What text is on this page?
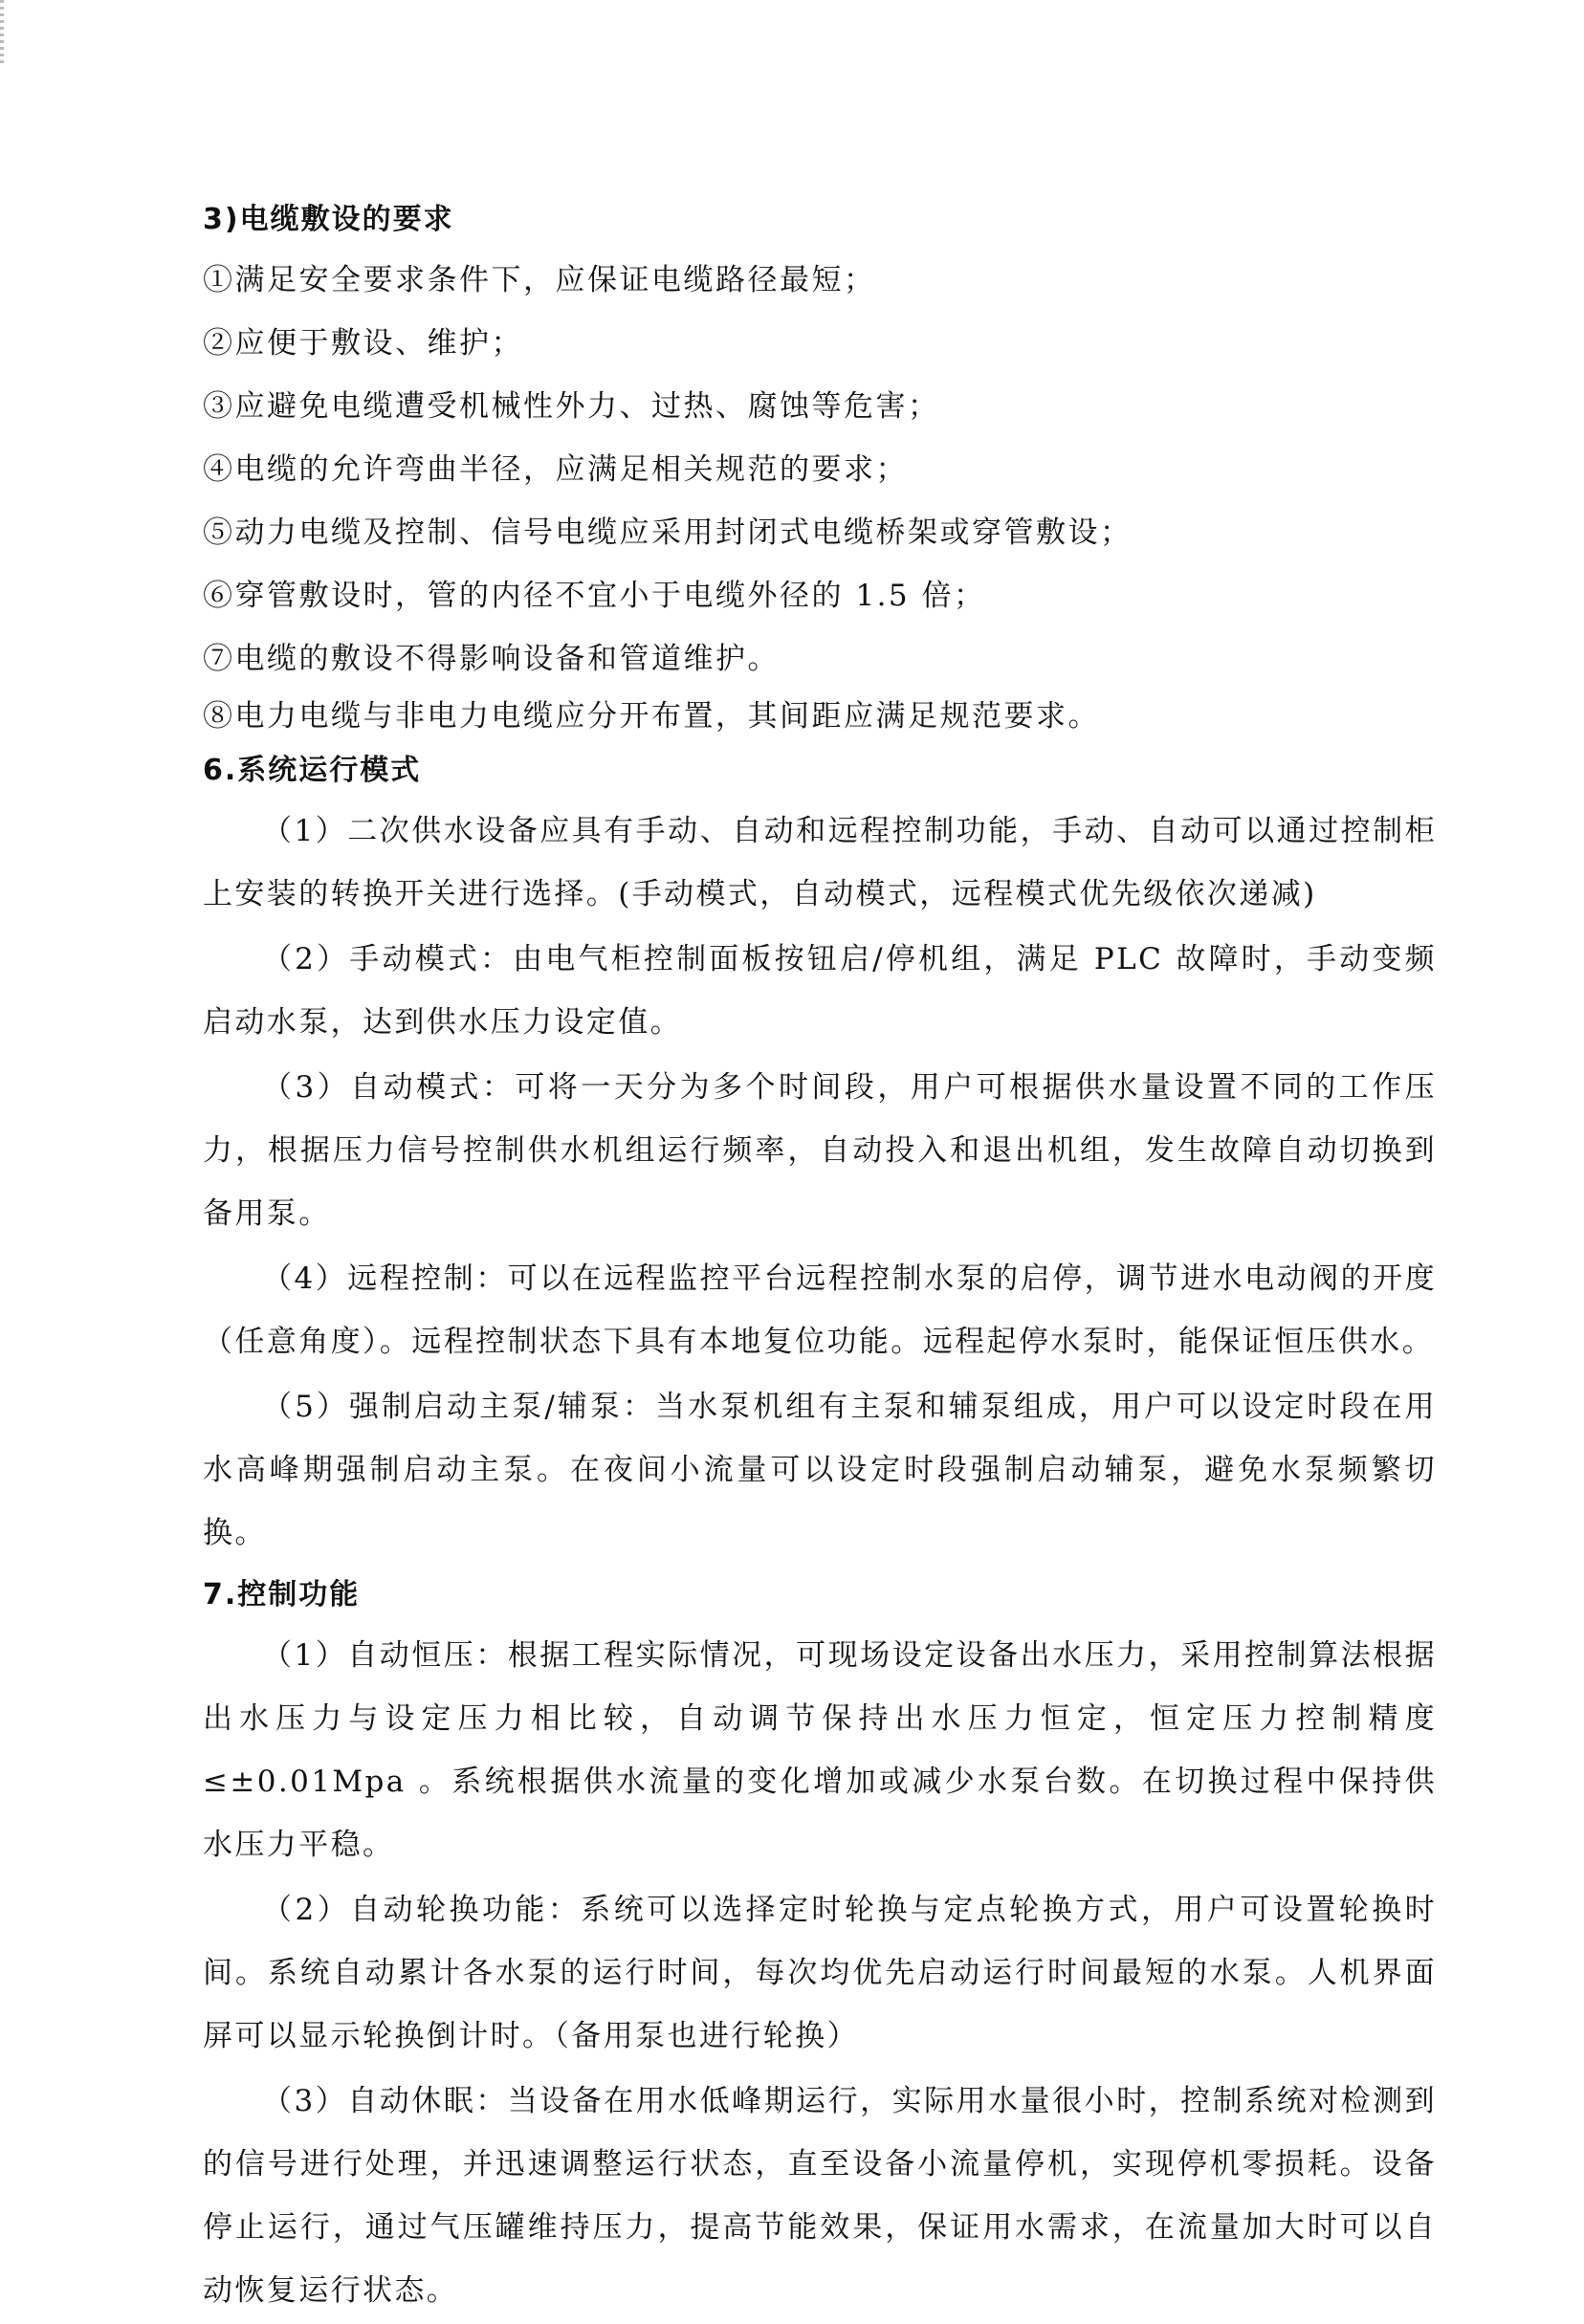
3)电缆敷设的要求

①满足安全要求条件下，应保证电缆路径最短；

②应便于敷设、维护；

③应避免电缆遭受机械性外力、过热、腐蚀等危害；

④电缆的允许弯曲半径，应满足相关规范的要求；

⑤动力电缆及控制、信号电缆应采用封闭式电缆桥架或穿管敷设；

⑥穿管敷设时，管的内径不宜小于电缆外径的 1.5 倍；

⑦电缆的敷设不得影响设备和管道维护。

⑧电力电缆与非电力电缆应分开布置，其间距应满足规范要求。

6.系统运行模式

（1）二次供水设备应具有手动、自动和远程控制功能，手动、自动可以通过控制柜上安装的转换开关进行选择。(手动模式，自动模式，远程模式优先级依次递减)

（2）手动模式：由电气柜控制面板按钮启/停机组，满足 PLC 故障时，手动变频启动水泵，达到供水压力设定值。

（3）自动模式：可将一天分为多个时间段，用户可根据供水量设置不同的工作压力，根据压力信号控制供水机组运行频率，自动投入和退出机组，发生故障自动切换到备用泵。

（4）远程控制：可以在远程监控平台远程控制水泵的启停，调节进水电动阀的开度（任意角度）。远程控制状态下具有本地复位功能。远程起停水泵时，能保证恒压供水。

（5）强制启动主泵/辅泵：当水泵机组有主泵和辅泵组成，用户可以设定时段在用水高峰期强制启动主泵。在夜间小流量可以设定时段强制启动辅泵，避免水泵频繁切换。

7.控制功能

（1）自动恒压：根据工程实际情况，可现场设定设备出水压力，采用控制算法根据出水压力与设定压力相比较，自动调节保持出水压力恒定，恒定压力控制精度≤±0.01Mpa 。系统根据供水流量的变化增加或减少水泵台数。在切换过程中保持供水压力平稳。

（2）自动轮换功能：系统可以选择定时轮换与定点轮换方式，用户可设置轮换时间。系统自动累计各水泵的运行时间，每次均优先启动运行时间最短的水泵。人机界面屏可以显示轮换倒计时。（备用泵也进行轮换）

（3）自动休眠：当设备在用水低峰期运行，实际用水量很小时，控制系统对检测到的信号进行处理，并迅速调整运行状态，直至设备小流量停机，实现停机零损耗。设备停止运行，通过气压罐维持压力，提高节能效果，保证用水需求，在流量加大时可以自动恢复运行状态。
